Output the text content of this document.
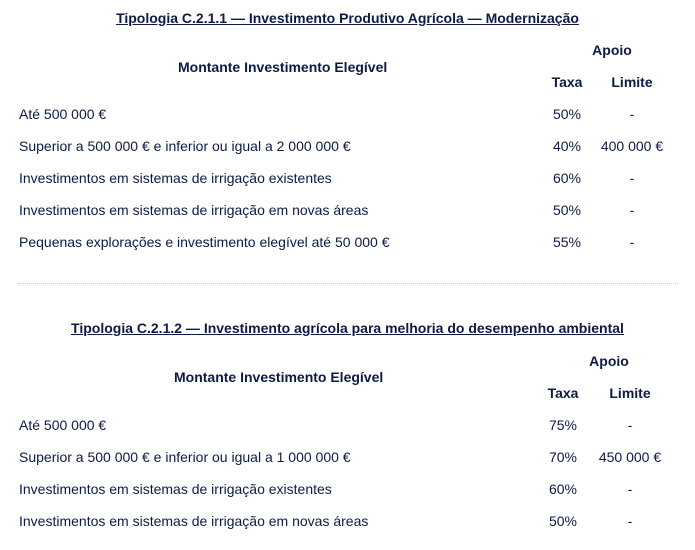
Tipologia C.2.1.1 — Investimento Produtivo Agrícola — Modernização
Montante Investimento Elegível
Apoio
Taxa	Limite
Até 500 000 €	50%	-
Superior a 500 000 € e inferior ou igual a 2 000 000 €	40%	400 000 €
Investimentos em sistemas de irrigação existentes	60%	-
Investimentos em sistemas de irrigação em novas áreas	50%	-
Pequenas explorações e investimento elegível até 50 000 €	55%	-
Tipologia C.2.1.2 — Investimento agrícola para melhoria do desempenho ambiental
Montante Investimento Elegível
Apoio
Taxa	Limite
Até 500 000 €	75%	-
Superior a 500 000 € e inferior ou igual a 1 000 000 €	70%	450 000 €
Investimentos em sistemas de irrigação existentes	60%	-
Investimentos em sistemas de irrigação em novas áreas	50%	-
